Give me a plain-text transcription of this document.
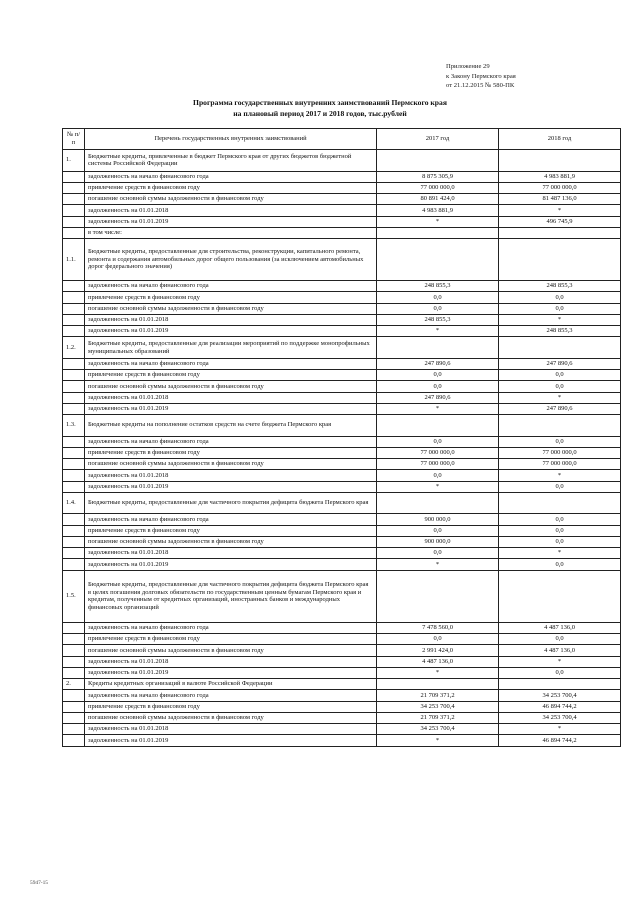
Приложение 29
к Закону Пермского края
от 21.12.2015 № 580-ПК
Программа государственных внутренних заимствований Пермского края
на плановый период 2017 и 2018 годов, тыс.рублей
№ п/п	Перечень государственных внутренних заимствований	2017 год	2018 год
1.	Бюджетные кредиты, привлеченные в бюджет Пермского края от других бюджетов бюджетной системы Российской Федерации		
	задолженность на начало финансового года	8 875 305,9	4 983 881,9
	привлечение средств в финансовом году	77 000 000,0	77 000 000,0
	погашение основной суммы задолженности в финансовом году	80 891 424,0	81 487 136,0
	задолженность на 01.01.2018	4 983 881,9	*
	задолженность на 01.01.2019	*	496 745,9
	в том числе:		
1.1.	Бюджетные кредиты, предоставленные для строительства, реконструкции, капитального ремонта, ремонта и содержания автомобильных дорог общего пользования (за исключением автомобильных дорог федерального значения)		
	задолженность на начало финансового года	248 855,3	248 855,3
	привлечение средств в финансовом году	0,0	0,0
	погашение основной суммы задолженности в финансовом году	0,0	0,0
	задолженность на 01.01.2018	248 855,3	*
	задолженность на 01.01.2019	*	248 855,3
1.2.	Бюджетные кредиты, предоставленные для реализации мероприятий по поддержке монопрофильных муниципальных образований		
	задолженность на начало финансового года	247 890,6	247 890,6
	привлечение средств в финансовом году	0,0	0,0
	погашение основной суммы задолженности в финансовом году	0,0	0,0
	задолженность на 01.01.2018	247 890,6	*
	задолженность на 01.01.2019	*	247 890,6
1.3.	Бюджетные кредиты на пополнение остатков средств на счете бюджета Пермского края		
	задолженность на начало финансового года	0,0	0,0
	привлечение средств в финансовом году	77 000 000,0	77 000 000,0
	погашение основной суммы задолженности в финансовом году	77 000 000,0	77 000 000,0
	задолженность на 01.01.2018	0,0	*
	задолженность на 01.01.2019	*	0,0
1.4.	Бюджетные кредиты, предоставленные для частичного покрытия дефицита бюджета Пермского края		
	задолженность на начало финансового года	900 000,0	0,0
	привлечение средств в финансовом году	0,0	0,0
	погашение основной суммы задолженности в финансовом году	900 000,0	0,0
	задолженность на 01.01.2018	0,0	*
	задолженность на 01.01.2019	*	0,0
1.5.	Бюджетные кредиты, предоставленные для частичного покрытия дефицита бюджета Пермского края в целях погашения долговых обязательств по государственным ценным бумагам Пермского края и кредитам, полученным от кредитных организаций, иностранных банков и международных финансовых организаций		
	задолженность на начало финансового года	7 478 560,0	4 487 136,0
	привлечение средств в финансовом году	0,0	0,0
	погашение основной суммы задолженности в финансовом году	2 991 424,0	4 487 136,0
	задолженность на 01.01.2018	4 487 136,0	*
	задолженность на 01.01.2019	*	0,0
2.	Кредиты кредитных организаций в валюте Российской Федерации		
	задолженность на начало финансового года	21 709 371,2	34 253 700,4
	привлечение средств в финансовом году	34 253 700,4	46 894 744,2
	погашение основной суммы задолженности в финансовом году	21 709 371,2	34 253 700,4
	задолженность на 01.01.2018	34 253 700,4	*
	задолженность на 01.01.2019	*	46 894 744,2
5947-15
